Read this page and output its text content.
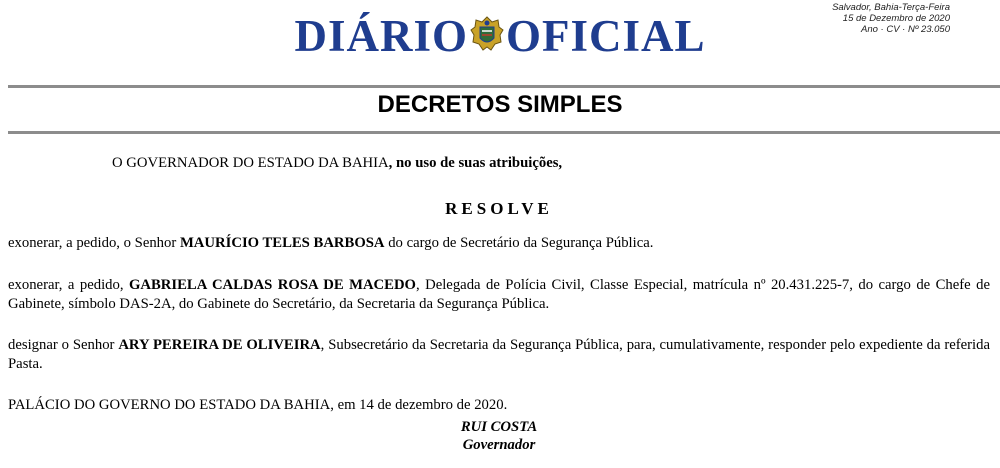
DIÁRIO OFICIAL
Salvador, Bahia-Terça-Feira
15 de Dezembro de 2020
Ano · CV · Nº 23.050
DECRETOS SIMPLES
O GOVERNADOR DO ESTADO DA BAHIA, no uso de suas atribuições,
RESOLVE

exonerar, a pedido, o Senhor MAURÍCIO TELES BARBOSA do cargo de Secretário da Segurança Pública.

exonerar, a pedido, GABRIELA CALDAS ROSA DE MACEDO, Delegada de Polícia Civil, Classe Especial, matrícula nº 20.431.225-7, do cargo de Chefe de Gabinete, símbolo DAS-2A, do Gabinete do Secretário, da Secretaria da Segurança Pública.

designar o Senhor ARY PEREIRA DE OLIVEIRA, Subsecretário da Secretaria da Segurança Pública, para, cumulativamente, responder pelo expediente da referida Pasta.

PALÁCIO DO GOVERNO DO ESTADO DA BAHIA, em 14 de dezembro de 2020.
RUI COSTA
Governador
